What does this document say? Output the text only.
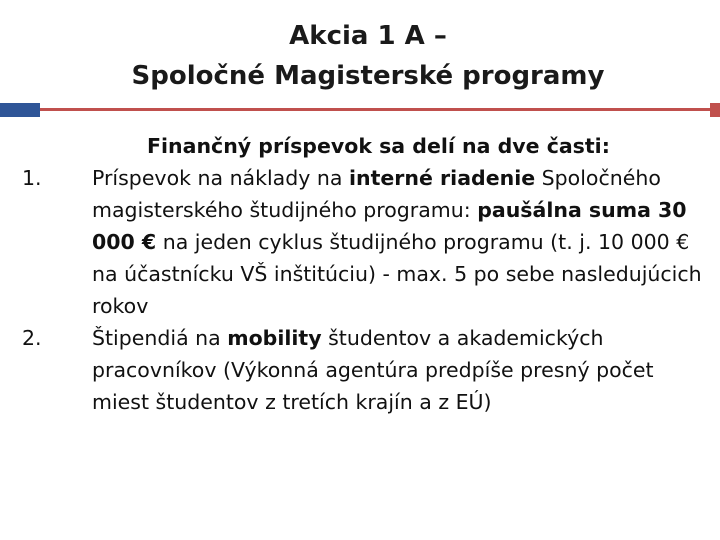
Akcia 1 A –
Spoločné Magisterské programy
Finančný príspevok sa delí na dve časti:
1.	Príspevok na náklady na interné riadenie Spoločného magisterského študijného programu: paušálna suma 30 000 € na jeden cyklus študijného programu (t. j. 10 000 € na účastnícku VŠ inštitúciu) - max. 5 po sebe nasledujúcich rokov
2.	Štipendiá na mobility študentov a akademických pracovníkov (Výkonná agentúra predpíše presný počet miest študentov z tretích krajín a z EÚ)
